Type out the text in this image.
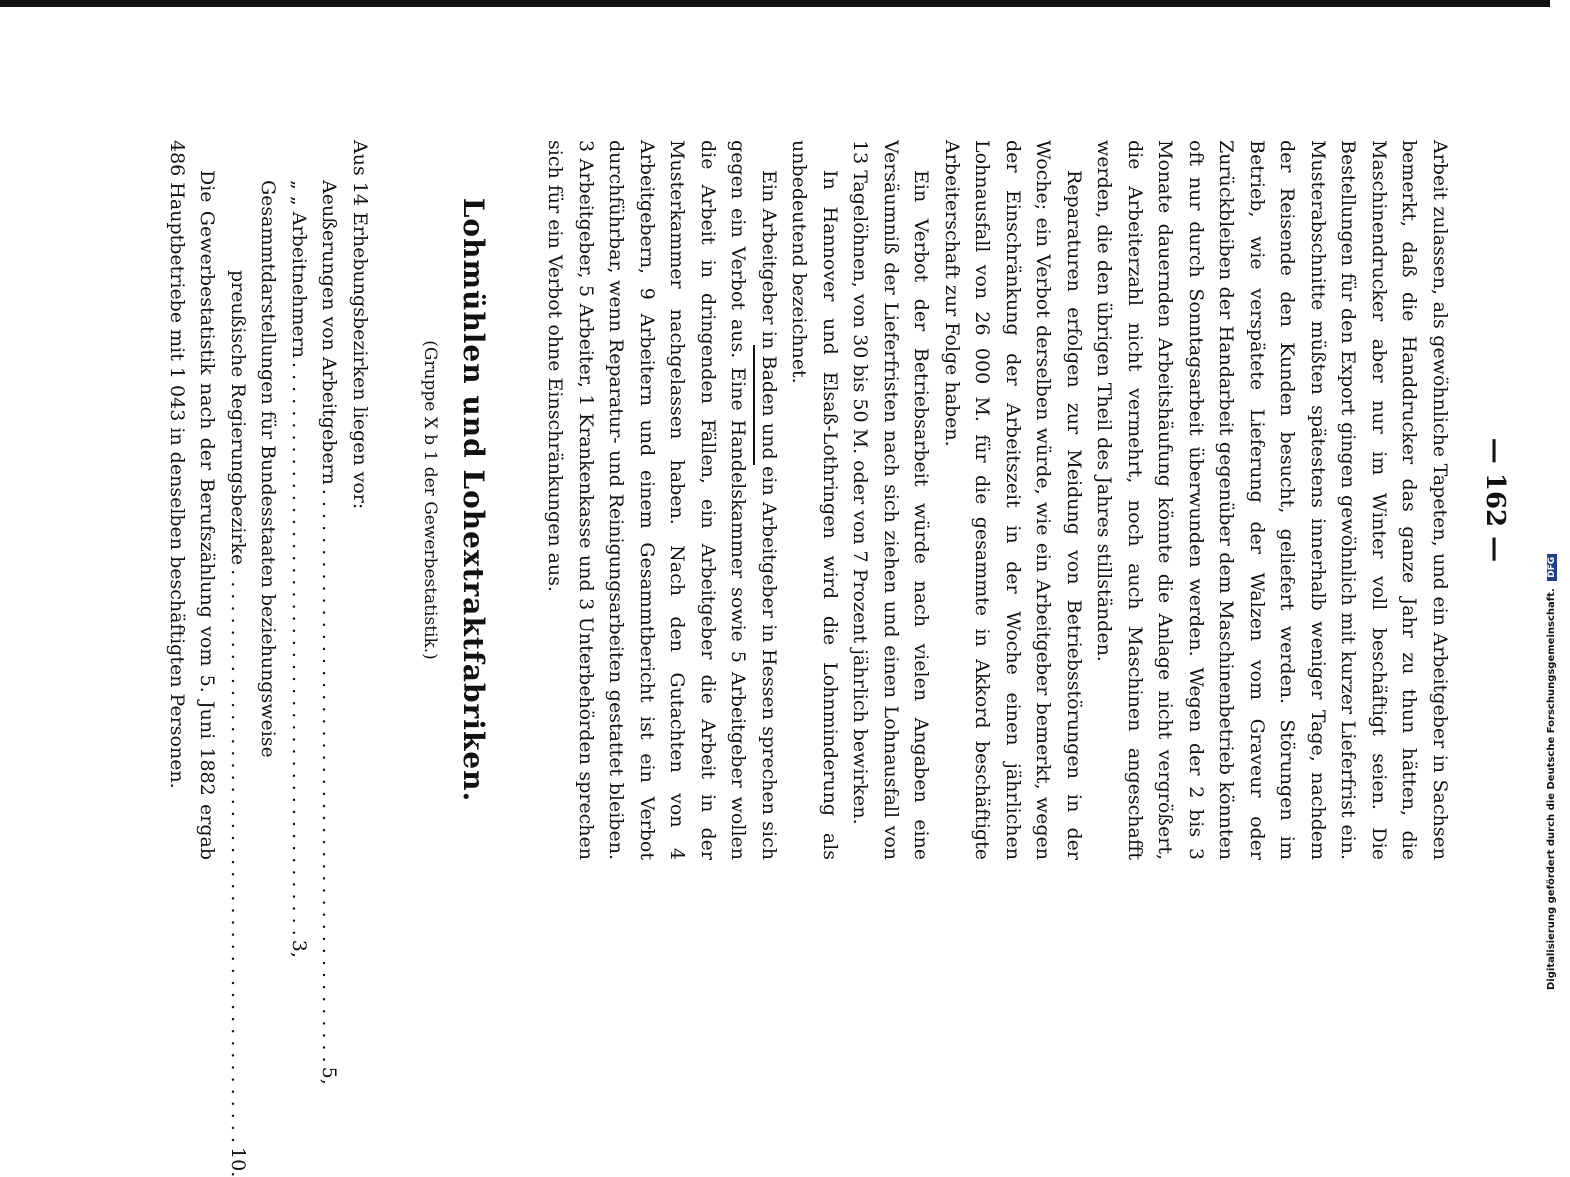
— 162 —

Arbeit zulassen, als gewöhnliche Tapeten, und ein Arbeitgeber in Sachsen bemerkt, daß die Handdrucker das ganze Jahr zu thun hätten, die Maschinendrucker aber nur im Winter voll beschäftigt seien. Die Bestellungen für den Export gingen gewöhnlich mit kurzer Lieferfrist ein. Musterabschnitte müßten spätestens innerhalb weniger Tage, nachdem der Reisende den Kunden besucht, geliefert werden. Störungen im Betrieb, wie verspätete Lieferung der Walzen vom Graveur oder Zurückbleiben der Handarbeit gegenüber dem Maschinenbetrieb könnten oft nur durch Sonntagsarbeit überwunden werden. Wegen der 2 bis 3 Monate dauernden Arbeitshäufung könnte die Anlage nicht vergrößert, die Arbeiterzahl nicht vermehrt, noch auch Maschinen angeschafft werden, die den übrigen Theil des Jahres stillständen.

Reparaturen erfolgen zur Meidung von Betriebsstörungen in der Woche; ein Verbot derselben würde, wie ein Arbeitgeber bemerkt, wegen der Einschränkung der Arbeitszeit in der Woche einen jährlichen Lohnausfall von 26 000 M. für die gesammte in Akkord beschäftigte Arbeiterschaft zur Folge haben.

Ein Verbot der Betriebsarbeit würde nach vielen Angaben eine Versäumniß der Lieferfristen nach sich ziehen und einen Lohnausfall von 13 Tagelöhnen, von 30 bis 50 M. oder von 7 Prozent jährlich bewirken.

In Hannover und Elsaß-Lothringen wird die Lohnminderung als unbedeutend bezeichnet.

Ein Arbeitgeber in Baden und ein Arbeitgeber in Hessen sprechen sich gegen ein Verbot aus. Eine Handelskammer sowie 5 Arbeitgeber wollen die Arbeit in dringenden Fällen, ein Arbeitgeber die Arbeit in der Musterkammer nachgelassen haben. Nach den Gutachten von 4 Arbeitgebern, 9 Arbeitern und einem Gesammtbericht ist ein Verbot durchführbar, wenn Reparatur- und Reinigungsarbeiten gestattet bleiben. 3 Arbeitgeber, 5 Arbeiter, 1 Krankenkasse und 3 Unterbehörden sprechen sich für ein Verbot ohne Einschränkungen aus.

Lohmühlen und Lohextraktfabriken.
(Gruppe X b 1 der Gewerbestatistik.)

Aus 14 Erhebungsbezirken liegen vor:

Aeußerungen von Arbeitgebern
. . . . . . . . . . . . . . . . . . . . . . . . . . . . . . . . . . . . . . . . . . . . . . . .
5,
„ „ Arbeitnehmern
. . . . . . . . . . . . . . . . . . . . . . . . . . . . . . . . . . . . . . . . . . . . . . . .
3,
Gesammtdarstellungen für Bundesstaaten beziehungsweise
preußische Regierungsbezirke
. . . . . . . . . . . . . . . . . . . . . . . . . . . . . . . . . . . . . . . . . . . . . . . .
10.

Die Gewerbestatistik nach der Berufszählung vom 5. Juni 1882 ergab 486 Hauptbetriebe mit 1 043 in denselben beschäftigten Personen.

Digitalisierung gefördert durch die Deutsche Forschungsgemeinschaft. DFG
